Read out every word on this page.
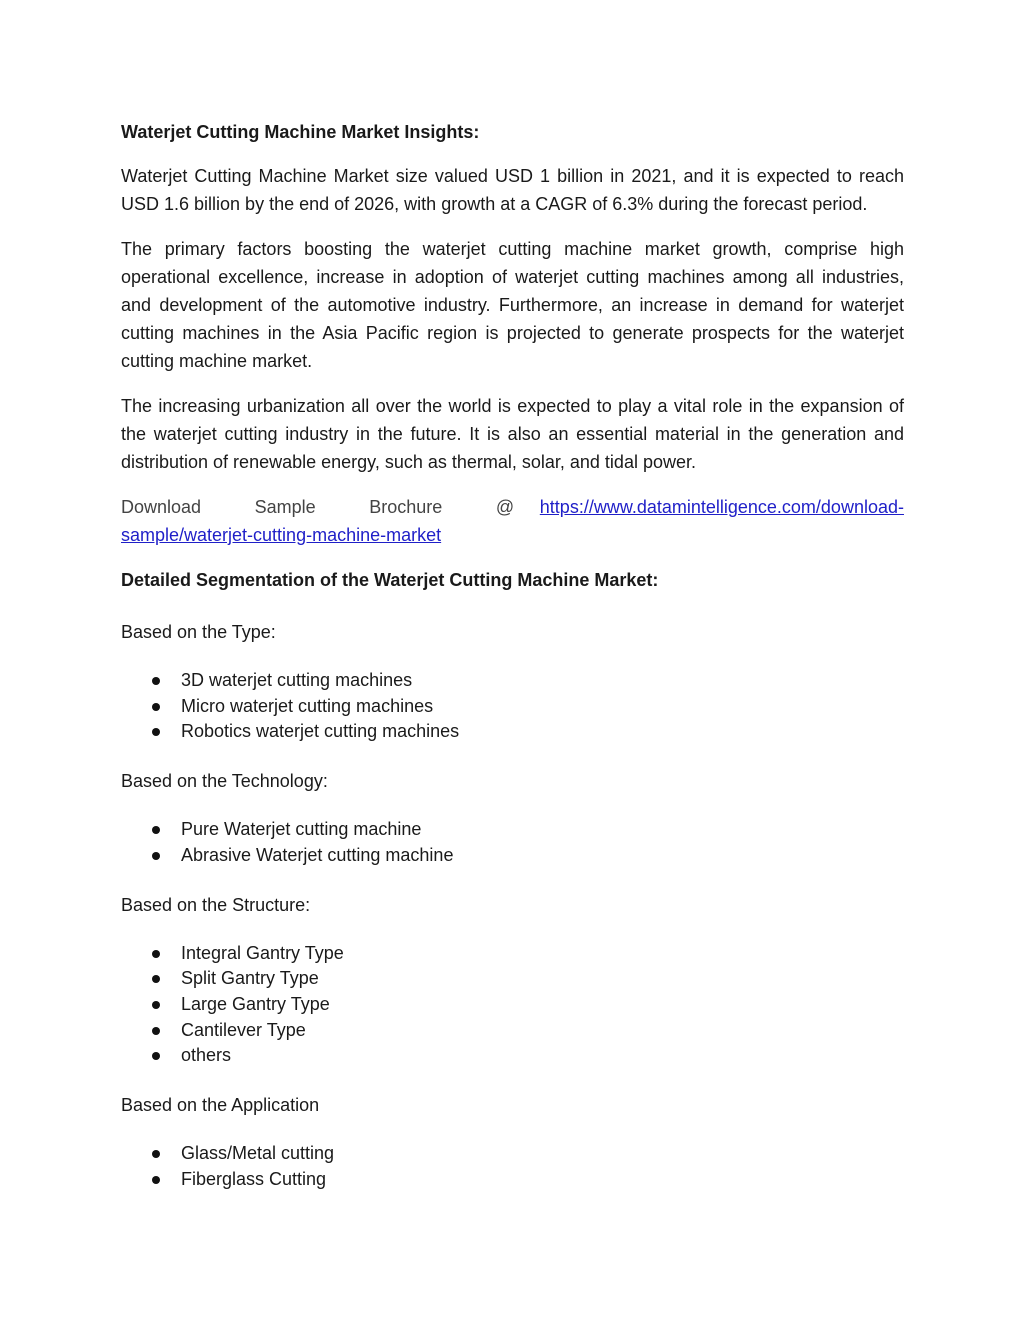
Waterjet Cutting Machine Market Insights:

Waterjet Cutting Machine Market size valued USD 1 billion in 2021, and it is expected to reach USD 1.6 billion by the end of 2026, with growth at a CAGR of 6.3% during the forecast period.

The primary factors boosting the waterjet cutting machine market growth, comprise high operational excellence, increase in adoption of waterjet cutting machines among all industries, and development of the automotive industry. Furthermore, an increase in demand for waterjet cutting machines in the Asia Pacific region is projected to generate prospects for the waterjet cutting machine market.

The increasing urbanization all over the world is expected to play a vital role in the expansion of the waterjet cutting industry in the future. It is also an essential material in the generation and distribution of renewable energy, such as thermal, solar, and tidal power.

Download Sample Brochure @ https://www.datamintelligence.com/download-sample/waterjet-cutting-machine-market

Detailed Segmentation of the Waterjet Cutting Machine Market:
Based on the Type:
3D waterjet cutting machines
Micro waterjet cutting machines
Robotics waterjet cutting machines
Based on the Technology:
Pure Waterjet cutting machine
Abrasive Waterjet cutting machine
Based on the Structure:
Integral Gantry Type
Split Gantry Type
Large Gantry Type
Cantilever Type
others
Based on the Application
Glass/Metal cutting
Fiberglass Cutting
